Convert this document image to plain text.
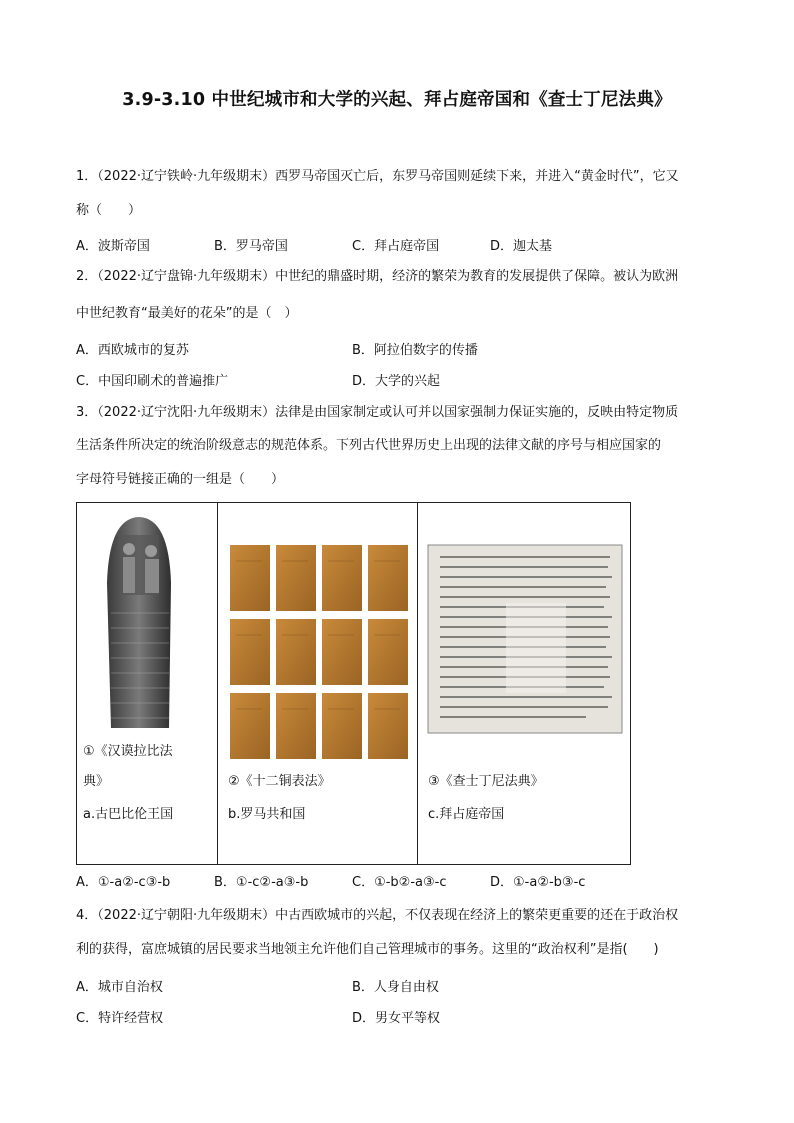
3.9-3.10 中世纪城市和大学的兴起、拜占庭帝国和《查士丁尼法典》
1．（2022·辽宁铁岭·九年级期末）西罗马帝国灭亡后，东罗马帝国则延续下来，并进入“黄金时代”，它又
称（　　）
A．波斯帝国	B．罗马帝国	C．拜占庭帝国	D．迦太基
2．（2022·辽宁盘锦·九年级期末）中世纪的鼎盛时期，经济的繁荣为教育的发展提供了保障。被认为欧洲
中世纪教育“最美好的花朵”的是（　）
A．西欧城市的复苏	B．阿拉伯数字的传播
C．中国印刷术的普遍推广	D．大学的兴起
3．（2022·辽宁沈阳·九年级期末）法律是由国家制定或认可并以国家强制力保证实施的，反映由特定物质
生活条件所决定的统治阶级意志的规范体系。下列古代世界历史上出现的法律文献的序号与相应国家的
字母符号链接正确的一组是（　　）
①《汉谟拉比法
典》
a.古巴比伦王国

②《十二铜表法》
b.罗马共和国

③《查士丁尼法典》
c.拜占庭帝国
A．①-a②-c③-b	B．①-c②-a③-b	C．①-b②-a③-c	D．①-a②-b③-c
4．（2022·辽宁朝阳·九年级期末）中古西欧城市的兴起，不仅表现在经济上的繁荣更重要的还在于政治权
利的获得，富庶城镇的居民要求当地领主允许他们自己管理城市的事务。这里的“政治权利”是指(　　)
A．城市自治权	B．人身自由权
C．特许经营权	D．男女平等权
